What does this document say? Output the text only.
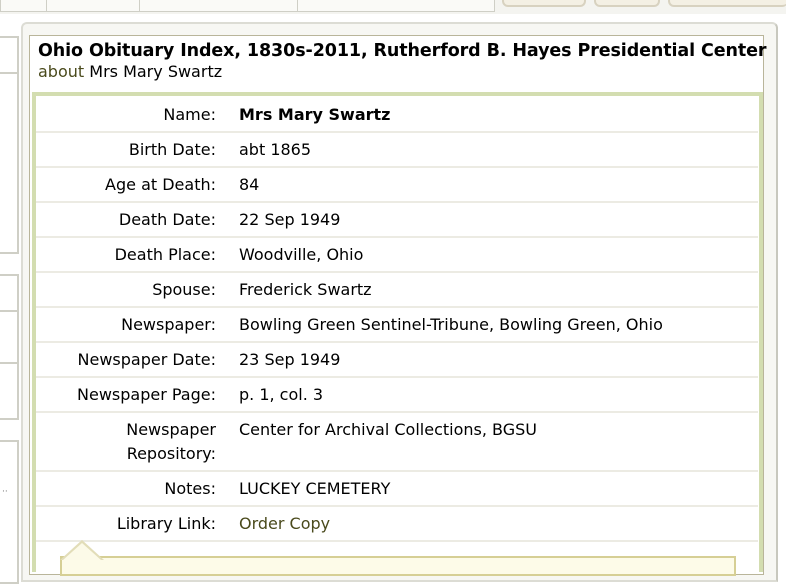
Ohio Obituary Index, 1830s-2011, Rutherford B. Hayes Presidential Center
about Mrs Mary Swartz
Name:	Mrs Mary Swartz
Birth Date:	abt 1865
Age at Death:	84
Death Date:	22 Sep 1949
Death Place:	Woodville, Ohio
Spouse:	Frederick Swartz
Newspaper:	Bowling Green Sentinel-Tribune, Bowling Green, Ohio
Newspaper Date:	23 Sep 1949
Newspaper Page:	p. 1, col. 3
Newspaper
Repository:	Center for Archival Collections, BGSU
Notes:	LUCKEY CEMETERY
Library Link:	Order Copy
··
